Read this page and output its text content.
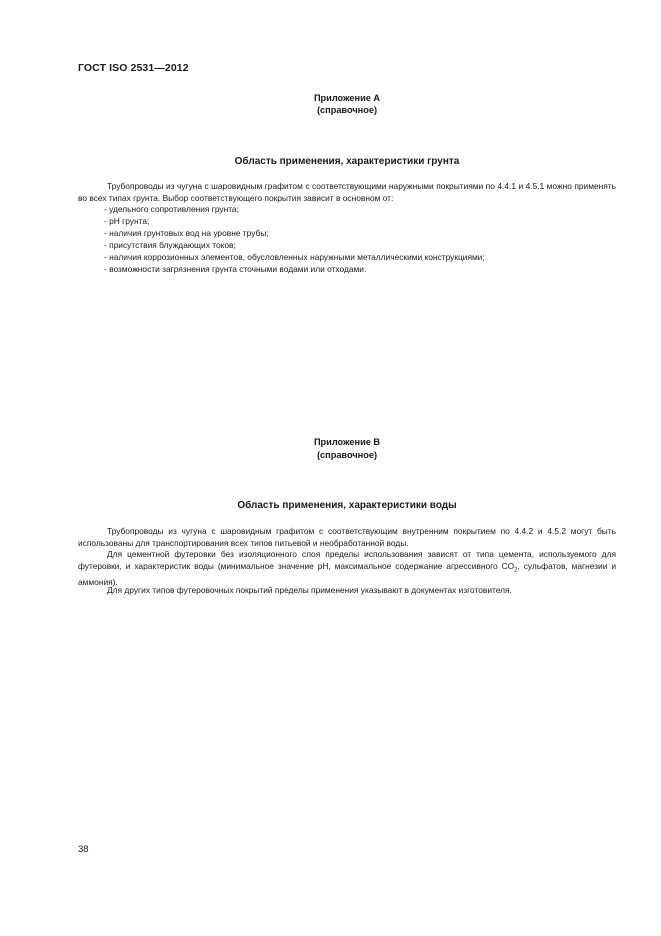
ГОСТ ISO 2531—2012
Приложение А
(справочное)
Область применения, характеристики грунта
Трубопроводы из чугуна с шаровидным графитом с соответствующими наружными покрытиями по 4.4.1 и 4.5.1 можно применять во всех типах грунта. Выбор соответствующего покрытия зависит в основном от:
- удельного сопротивления грунта;
- pH грунта;
- наличия грунтовых вод на уровне трубы;
- присутствия блуждающих токов;
- наличия коррозионных элементов, обусловленных наружными металлическими конструкциями;
- возможности загрязнения грунта сточными водами или отходами.
Приложение В
(справочное)
Область применения, характеристики воды
Трубопроводы из чугуна с шаровидным графитом с соответствующим внутренним покрытием по 4.4.2 и 4.5.2 могут быть использованы для транспортирования всех типов питьевой и необработанной воды.
Для цементной футеровки без изоляционного слоя пределы использования зависят от типа цемента, используемого для футеровки, и характеристик воды (минимальное значение pH, максимальное содержание агрессивного $CO_2$, сульфатов, магнезии и аммония).
Для других типов футеровочных покрытий пределы применения указывают в документах изготовителя.
38
